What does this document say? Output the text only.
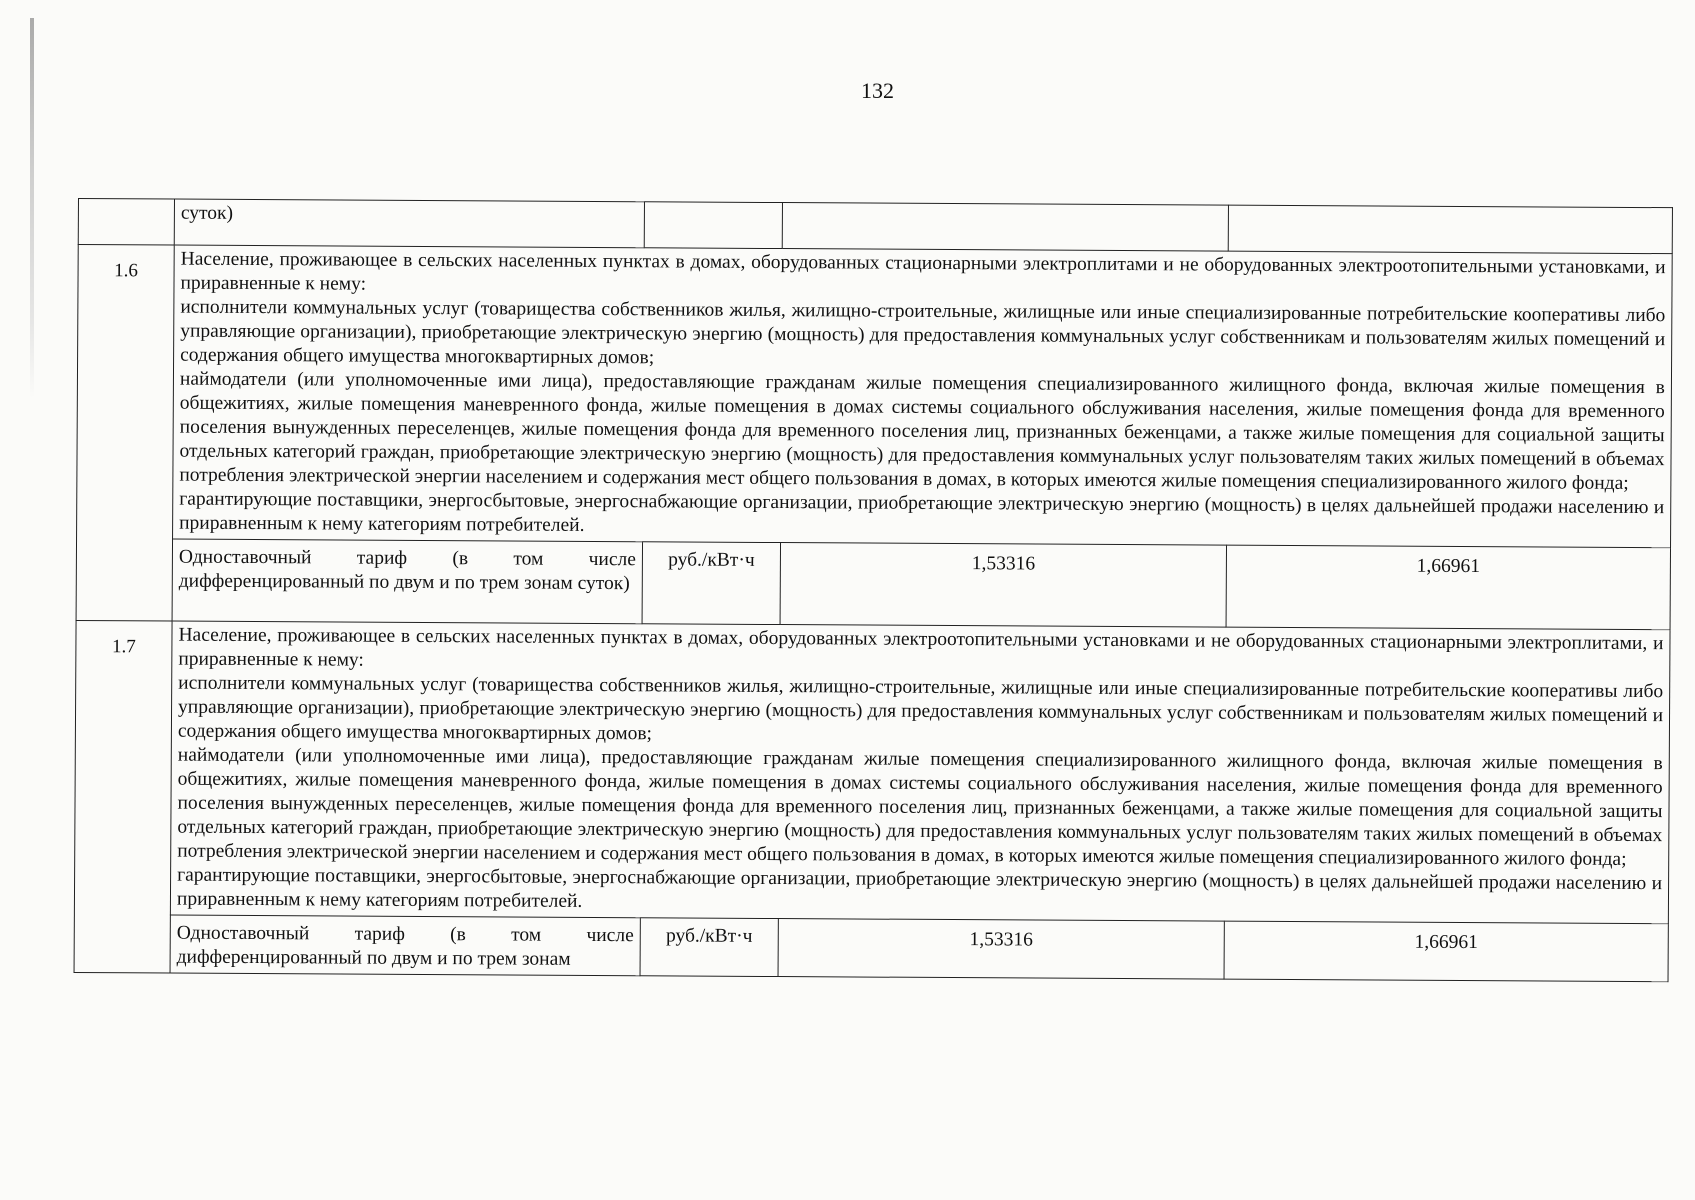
132
	суток)			
1.6	Население, проживающее в сельских населенных пунктах в домах, оборудованных стационарными электроплитами и не оборудованных электроотопительными установками, и приравненные к нему:

исполнители коммунальных услуг (товарищества собственников жилья, жилищно-строительные, жилищные или иные специализированные потребительские кооперативы либо управляющие организации), приобретающие электрическую энергию (мощность) для предоставления коммунальных услуг собственникам и пользователям жилых помещений и содержания общего имущества многоквартирных домов;

наймодатели (или уполномоченные ими лица), предоставляющие гражданам жилые помещения специализированного жилищного фонда, включая жилые помещения в общежитиях, жилые помещения маневренного фонда, жилые помещения в домах системы социального обслуживания населения, жилые помещения фонда для временного поселения вынужденных переселенцев, жилые помещения фонда для временного поселения лиц, признанных беженцами, а также жилые помещения для социальной защиты отдельных категорий граждан, приобретающие электрическую энергию (мощность) для предоставления коммунальных услуг пользователям таких жилых помещений в объемах потребления электрической энергии населением и содержания мест общего пользования в домах, в которых имеются жилые помещения специализированного жилого фонда;

гарантирующие поставщики, энергосбытовые, энергоснабжающие организации, приобретающие электрическую энергию (мощность) в целях дальнейшей продажи населению и приравненным к нему категориям потребителей.			

	Одноставочный тариф (в том числе дифференцированный по двум и по трем зонам суток)	руб./кВт·ч	1,53316	1,66961
1.7	Население, проживающее в сельских населенных пунктах в домах, оборудованных электроотопительными установками и не оборудованных стационарными электроплитами, и приравненные к нему:

исполнители коммунальных услуг (товарищества собственников жилья, жилищно-строительные, жилищные или иные специализированные потребительские кооперативы либо управляющие организации), приобретающие электрическую энергию (мощность) для предоставления коммунальных услуг собственникам и пользователям жилых помещений и содержания общего имущества многоквартирных домов;

наймодатели (или уполномоченные ими лица), предоставляющие гражданам жилые помещения специализированного жилищного фонда, включая жилые помещения в общежитиях, жилые помещения маневренного фонда, жилые помещения в домах системы социального обслуживания населения, жилые помещения фонда для временного поселения вынужденных переселенцев, жилые помещения фонда для временного поселения лиц, признанных беженцами, а также жилые помещения для социальной защиты отдельных категорий граждан, приобретающие электрическую энергию (мощность) для предоставления коммунальных услуг пользователям таких жилых помещений в объемах потребления электрической энергии населением и содержания мест общего пользования в домах, в которых имеются жилые помещения специализированного жилого фонда;

гарантирующие поставщики, энергосбытовые, энергоснабжающие организации, приобретающие электрическую энергию (мощность) в целях дальнейшей продажи населению и приравненным к нему категориям потребителей.			

	Одноставочный тариф (в том числе дифференцированный по двум и по трем зонам	руб./кВт·ч	1,53316	1,66961
